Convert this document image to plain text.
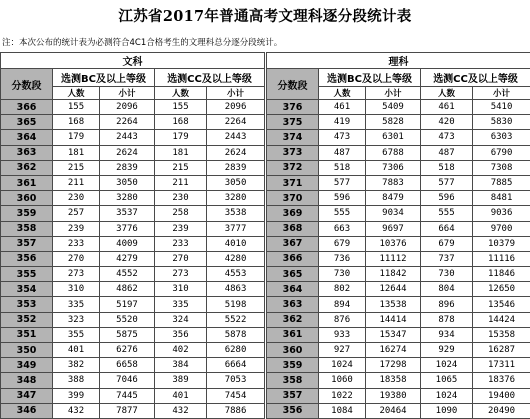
江苏省2017年普通高考文理科逐分段统计表
注：本次公布的统计表为必测符合4C1合格考生的文理科总分逐分段统计。
文科				
分数段	选测BC及以上等级		选测CC及以上等级	
	人数	小计	人数	小计
366	155	2096	155	2096
365	168	2264	168	2264
364	179	2443	179	2443
363	181	2624	181	2624
362	215	2839	215	2839
361	211	3050	211	3050
360	230	3280	230	3280
359	257	3537	258	3538
358	239	3776	239	3777
357	233	4009	233	4010
356	270	4279	270	4280
355	273	4552	273	4553
354	310	4862	310	4863
353	335	5197	335	5198
352	323	5520	324	5522
351	355	5875	356	5878
350	401	6276	402	6280
349	382	6658	384	6664
348	388	7046	389	7053
347	399	7445	401	7454
346	432	7877	432	7886
理科				
分数段	选测BC及以上等级		选测CC及以上等级	
	人数	小计	人数	小计
376	461	5409	461	5410
375	419	5828	420	5830
374	473	6301	473	6303
373	487	6788	487	6790
372	518	7306	518	7308
371	577	7883	577	7885
370	596	8479	596	8481
369	555	9034	555	9036
368	663	9697	664	9700
367	679	10376	679	10379
366	736	11112	737	11116
365	730	11842	730	11846
364	802	12644	804	12650
363	894	13538	896	13546
362	876	14414	878	14424
361	933	15347	934	15358
360	927	16274	929	16287
359	1024	17298	1024	17311
358	1060	18358	1065	18376
357	1022	19380	1024	19400
356	1084	20464	1090	20490
